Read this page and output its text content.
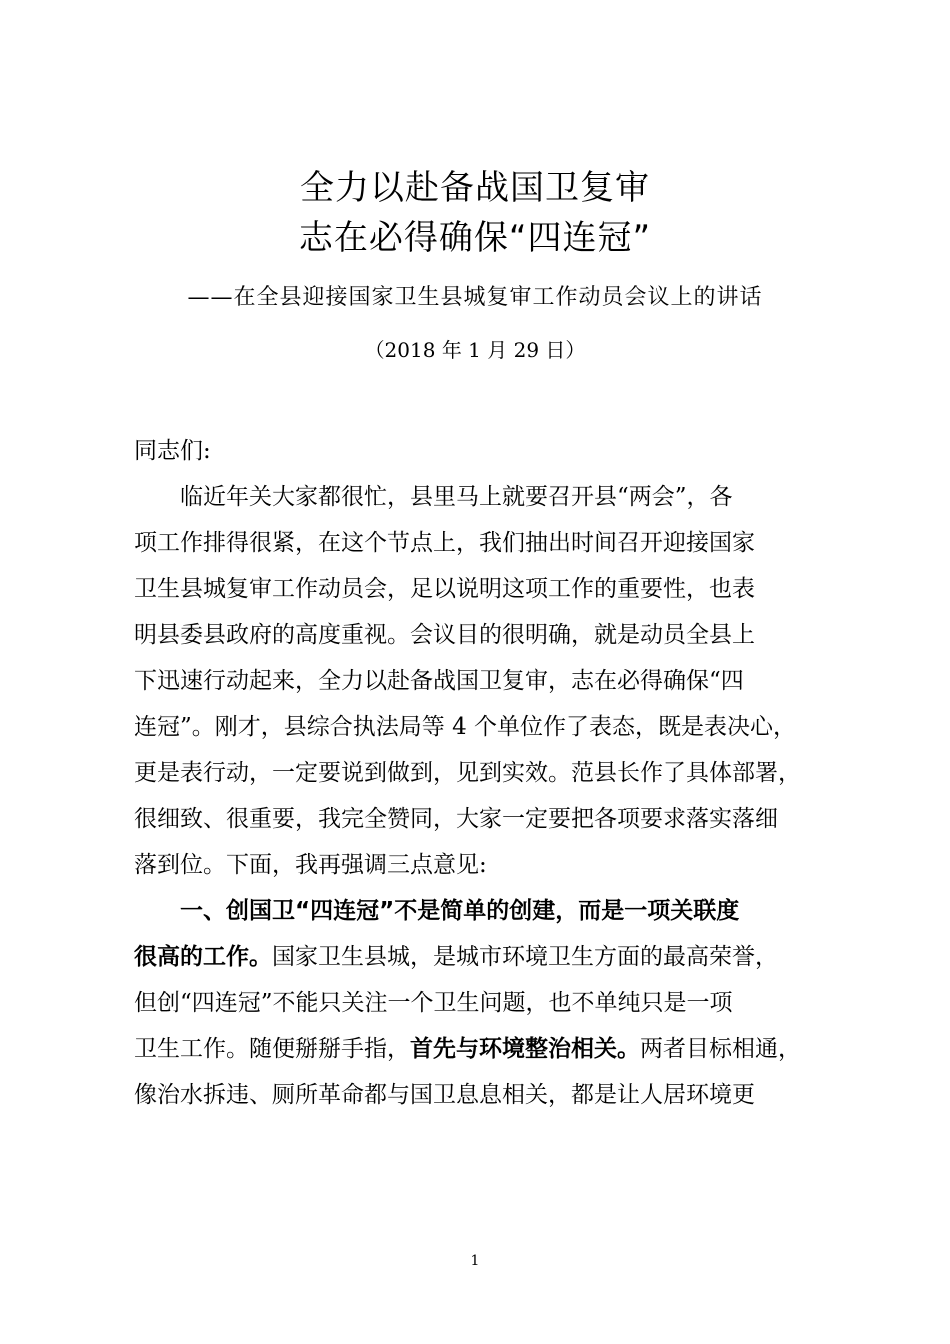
全力以赴备战国卫复审
志在必得确保“四连冠”
——在全县迎接国家卫生县城复审工作动员会议上的讲话
（2018 年 1 月 29 日）
同志们:
临近年关大家都很忙，县里马上就要召开县“两会”，各
项工作排得很紧，在这个节点上，我们抽出时间召开迎接国家
卫生县城复审工作动员会，足以说明这项工作的重要性，也表
明县委县政府的高度重视。会议目的很明确，就是动员全县上
下迅速行动起来，全力以赴备战国卫复审，志在必得确保“四
连冠”。刚才，县综合执法局等 4 个单位作了表态，既是表决心，
更是表行动，一定要说到做到，见到实效。范县长作了具体部署，
很细致、很重要，我完全赞同，大家一定要把各项要求落实落细
落到位。下面，我再强调三点意见:
一、创国卫“四连冠”不是简单的创建，而是一项关联度
很高的工作。国家卫生县城，是城市环境卫生方面的最高荣誉，
但创“四连冠”不能只关注一个卫生问题，也不单纯只是一项
卫生工作。随便掰掰手指，首先与环境整治相关。两者目标相通，
像治水拆违、厕所革命都与国卫息息相关，都是让人居环境更
1
